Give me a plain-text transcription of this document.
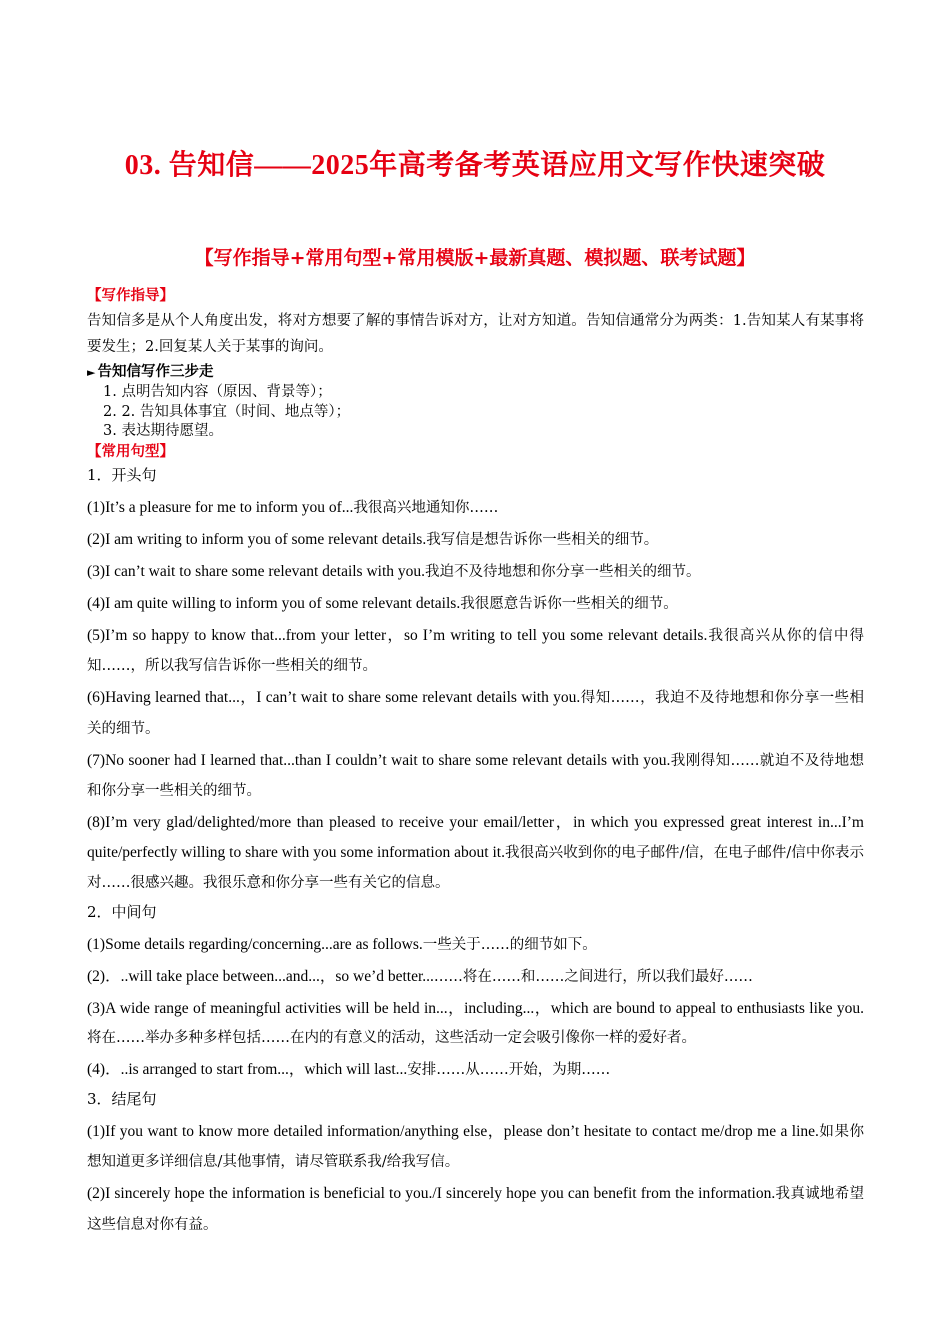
03. 告知信——2025年高考备考英语应用文写作快速突破
【写作指导+常用句型+常用模版+最新真题、模拟题、联考试题】
【写作指导】

告知信多是从个人角度出发，将对方想要了解的事情告诉对方，让对方知道。告知信通常分为两类：1.告知某人有某事将要发生；2.回复某人关于某事的询问。

► 告知信写作三步走
1. 点明告知内容（原因、背景等）；
2. 2. 告知具体事宜（时间、地点等）；
3. 表达期待愿望。
【常用句型】
1．开头句
(1)It’s a pleasure for me to inform you of...我很高兴地通知你……
(2)I am writing to inform you of some relevant details.我写信是想告诉你一些相关的细节。
(3)I can’t wait to share some relevant details with you.我迫不及待地想和你分享一些相关的细节。
(4)I am quite willing to inform you of some relevant details.我很愿意告诉你一些相关的细节。
(5)I’m so happy to know that...from your letter，so I’m writing to tell you some relevant details.我很高兴从你的信中得知……，所以我写信告诉你一些相关的细节。
(6)Having learned that...，I can’t wait to share some relevant details with you.得知……，我迫不及待地想和你分享一些相关的细节。
(7)No sooner had I learned that...than I couldn’t wait to share some relevant details with you.我刚得知……就迫不及待地想和你分享一些相关的细节。
(8)I’m very glad/delighted/more than pleased to receive your email/letter，in which you expressed great interest in...I’m quite/perfectly willing to share with you some information about it.我很高兴收到你的电子邮件/信，在电子邮件/信中你表示对……很感兴趣。我很乐意和你分享一些有关它的信息。
2．中间句
(1)Some details regarding/concerning...are as follows.一些关于……的细节如下。
(2)．..will take place between...and...，so we’d better...……将在……和……之间进行，所以我们最好……
(3)A wide range of meaningful activities will be held in...，including...，which are bound to appeal to enthusiasts like you.将在……举办多种多样包括……在内的有意义的活动，这些活动一定会吸引像你一样的爱好者。
(4)．..is arranged to start from...，which will last...安排……从……开始，为期……
3．结尾句
(1)If you want to know more detailed information/anything else，please don’t hesitate to contact me/drop me a line.如果你想知道更多详细信息/其他事情，请尽管联系我/给我写信。
(2)I sincerely hope the information is beneficial to you./I sincerely hope you can benefit from the information.我真诚地希望这些信息对你有益。
